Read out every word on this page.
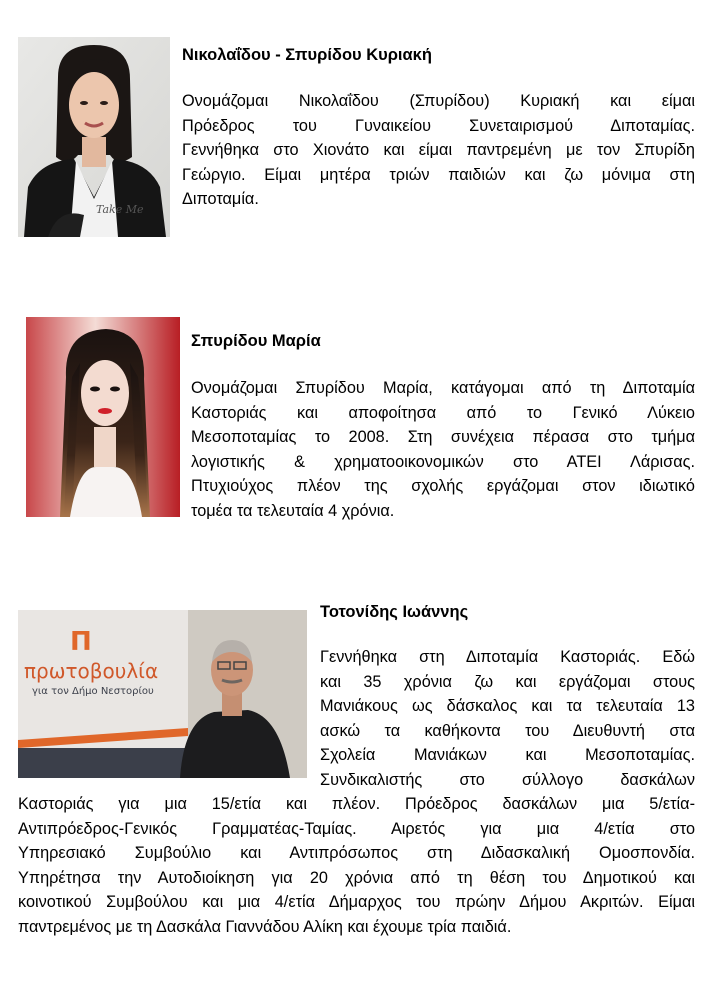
Take Me
Νικολαΐδου - Σπυρίδου Κυριακή
Ονομάζομαι Νικολαΐδου (Σπυρίδου) Κυριακή και είμαι
Πρόεδρος του Γυναικείου Συνεταιρισμού Διποταμίας.
Γεννήθηκα στο Χιονάτο και είμαι παντρεμένη με τον Σπυρίδη
Γεώργιο. Είμαι μητέρα τριών παιδιών και ζω μόνιμα στη
Διποταμία.
Σπυρίδου Μαρία
Ονομάζομαι Σπυρίδου Μαρία, κατάγομαι από τη Διποταμία
Καστοριάς και αποφοίτησα από το Γενικό Λύκειο
Μεσοποταμίας το 2008. Στη συνέχεια πέρασα στο τμήμα
λογιστικής & χρηματοοικονομικών στο ΑΤΕΙ Λάρισας.
Πτυχιούχος πλέον της σχολής εργάζομαι στον ιδιωτικό
τομέα τα τελευταία 4 χρόνια.
Π
πρωτοβουλία
για τον Δήμο Νεστορίου
Τοτονίδης Ιωάννης
Γεννήθηκα στη Διποταμία Καστοριάς. Εδώ
και 35 χρόνια ζω και εργάζομαι στους
Μανιάκους ως δάσκαλος και τα τελευταία 13
ασκώ τα καθήκοντα του Διευθυντή στα
Σχολεία Μανιάκων και Μεσοποταμίας.
Συνδικαλιστής στο σύλλογο δασκάλων
Καστοριάς για μια 15/ετία και πλέον. Πρόεδρος δασκάλων μια 5/ετία-
Αντιπρόεδρος-Γενικός Γραμματέας-Ταμίας. Αιρετός για μια 4/ετία στο
Υπηρεσιακό Συμβούλιο και Αντιπρόσωπος στη Διδασκαλική Ομοσπονδία.
Υπηρέτησα την Αυτοδιοίκηση για 20 χρόνια από τη θέση του Δημοτικού και
κοινοτικού Συμβούλου και μια 4/ετία Δήμαρχος του πρώην Δήμου Ακριτών. Είμαι
παντρεμένος με τη Δασκάλα Γιαννάδου Αλίκη και έχουμε τρία παιδιά.
